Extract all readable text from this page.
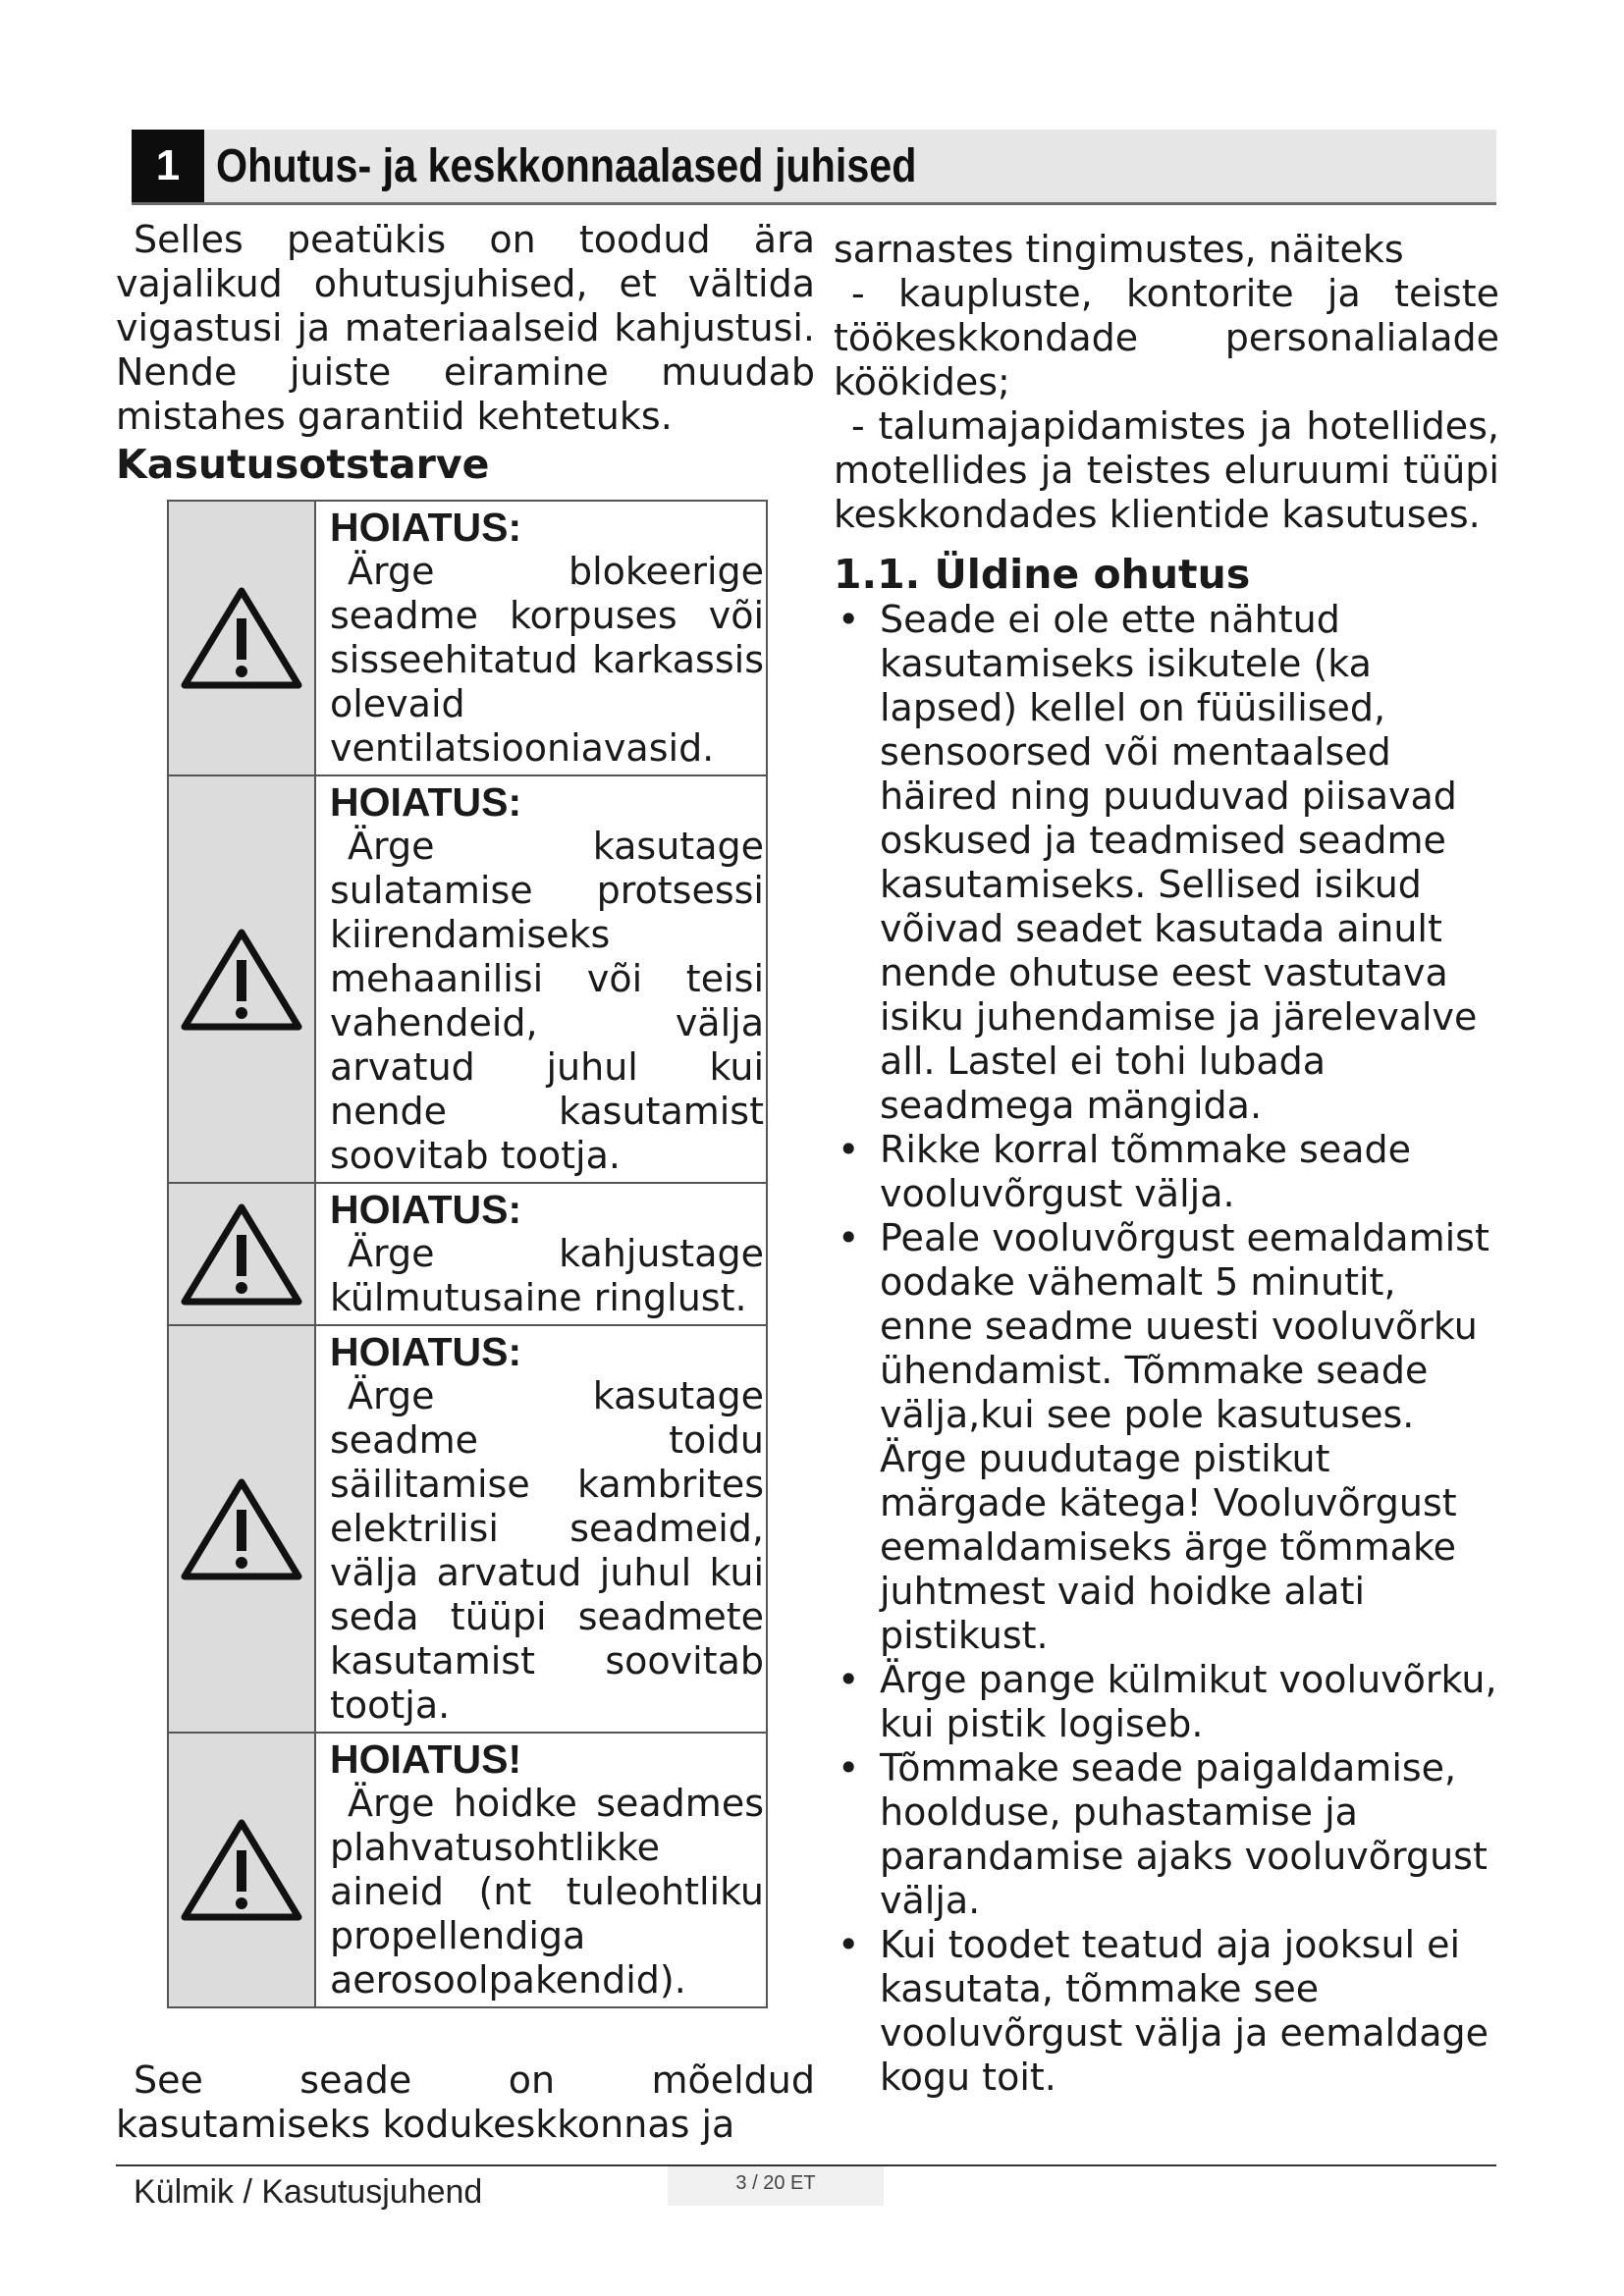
1 Ohutus- ja keskkonnaalased juhised

Selles peatükis on toodud ära vajalikud ohutusjuhised, et vältida vigastusi ja materiaalseid kahjustusi. Nende juiste eiramine muudab mistahes garantiid kehtetuks.

Kasutusotstarve

HOIATUS:
Ärge blokeerige seadme korpuses või sisseehitatud karkassis olevaid ventilatsiooniavasid.

HOIATUS:
Ärge kasutage sulatamise protsessi kiirendamiseks mehaanilisi või teisi vahendeid, välja arvatud juhul kui nende kasutamist soovitab tootja.

HOIATUS:
Ärge kahjustage külmutusaine ringlust.

HOIATUS:
Ärge kasutage seadme toidu säilitamise kambrites elektrilisi seadmeid, välja arvatud juhul kui seda tüüpi seadmete kasutamist soovitab tootja.

HOIATUS!
Ärge hoidke seadmes plahvatusohtlikke aineid (nt tuleohtliku propellendiga aerosoolpakendid).

See seade on mõeldud kasutamiseks kodukeskkonnas ja

sarnastes tingimustes, näiteks

- kaupluste, kontorite ja teiste töökeskkondade personalialade köökides;

- talumajapidamistes ja hotellides, motellides ja teistes eluruumi tüüpi keskkondades klientide kasutuses.

1.1. Üldine ohutus
• Seade ei ole ette nähtud kasutamiseks isikutele (ka lapsed) kellel on füüsilised, sensoorsed või mentaalsed häired ning puuduvad piisavad oskused ja teadmised seadme kasutamiseks. Sellised isikud võivad seadet kasutada ainult nende ohutuse eest vastutava isiku juhendamise ja järelevalve all. Lastel ei tohi lubada seadmega mängida.
• Rikke korral tõmmake seade vooluvõrgust välja.
• Peale vooluvõrgust eemaldamist oodake vähemalt 5 minutit, enne seadme uuesti vooluvõrku ühendamist. Tõmmake seade välja,kui see pole kasutuses. Ärge puudutage pistikut märgade kätega! Vooluvõrgust eemaldamiseks ärge tõmmake juhtmest vaid hoidke alati pistikust.
• Ärge pange külmikut vooluvõrku, kui pistik logiseb.
• Tõmmake seade paigaldamise, hoolduse, puhastamise ja parandamise ajaks vooluvõrgust välja.
• Kui toodet teatud aja jooksul ei kasutata, tõmmake see vooluvõrgust välja ja eemaldage kogu toit.
Külmik / Kasutusjuhend	3 / 20 ET
